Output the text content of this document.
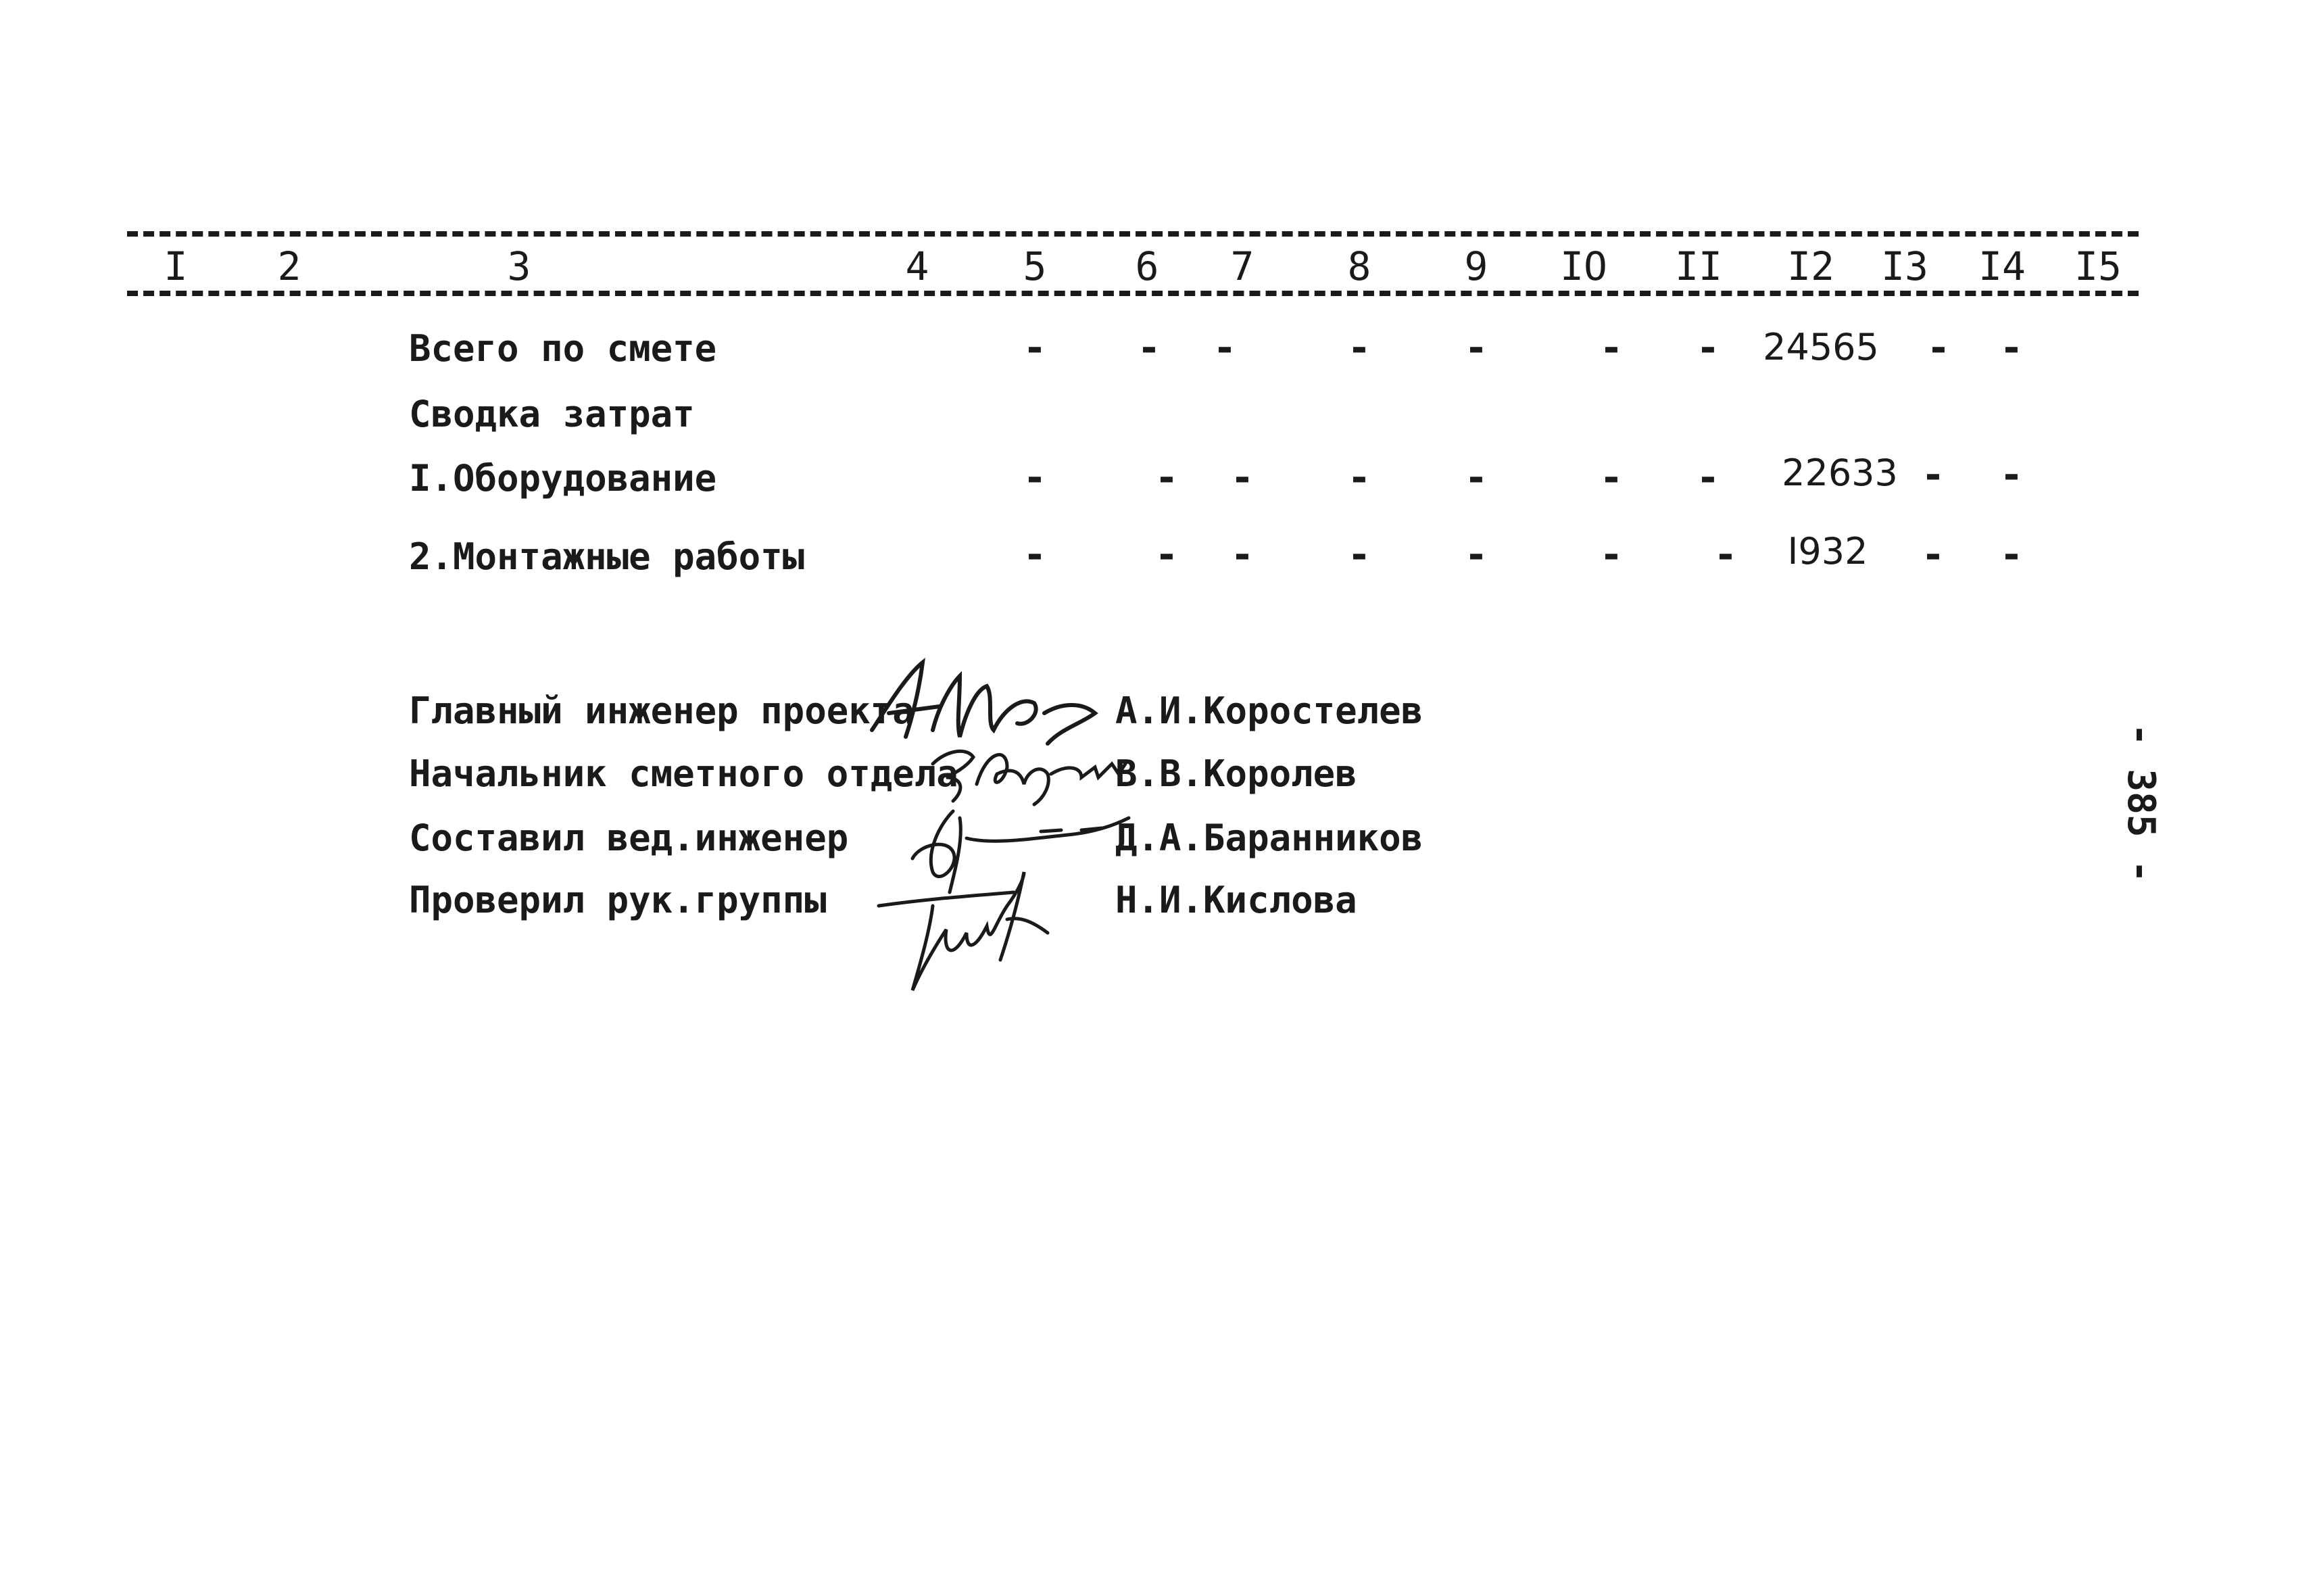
I 2	3	4 5 6 7 8 9 IO II I2 I3 I4 I5
Всего по смете	- - -	- -	- - 24565 - -
Сводка затрат
I.Оборудование	-	- - - -	- - 22633 - -
2.Монтажные работы	-	- - - -	- - I932 - -
Главный инженер проекта	А.И.Коростелев
Начальник сметного отдела	В.В.Королев
Составил вед.инженер	Д.А.Баранников
Проверил рук.группы	Н.И.Кислова
- 385 -
